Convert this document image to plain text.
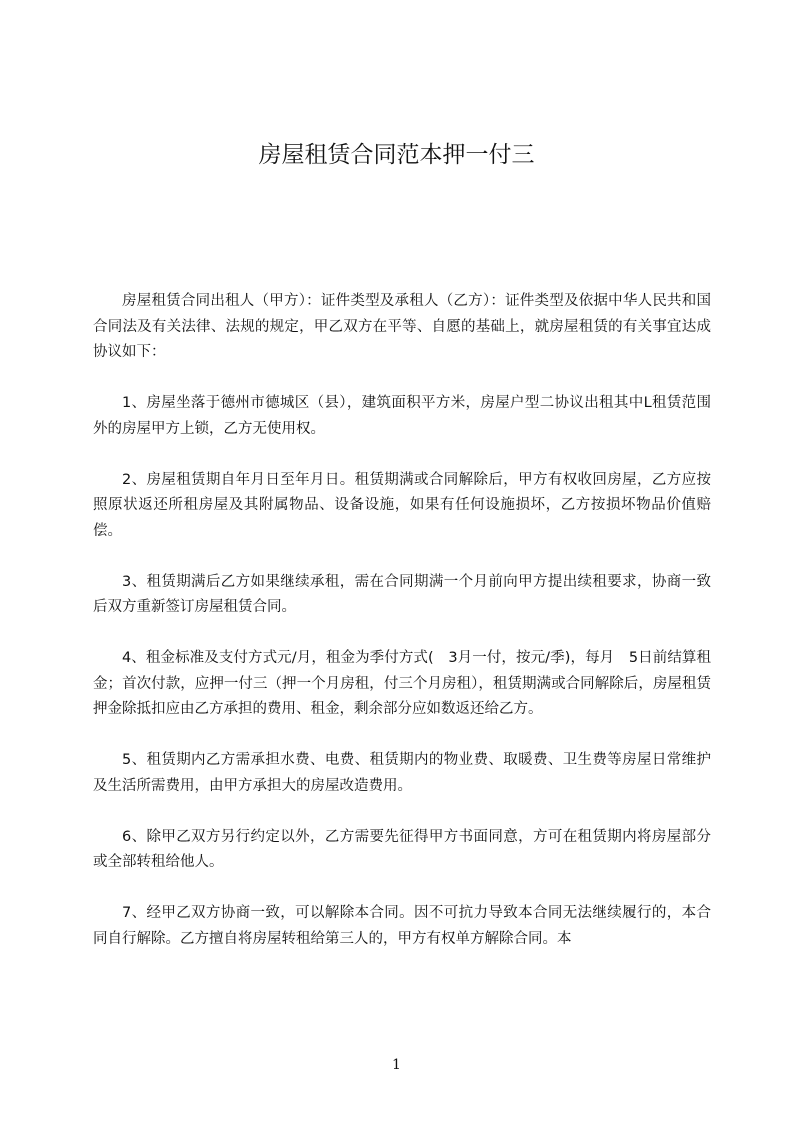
房屋租赁合同范本押一付三

房屋租赁合同出租人（甲方）：证件类型及承租人（乙方）：证件类型及依据中华人民共和国合同法及有关法律、法规的规定，甲乙双方在平等、自愿的基础上，就房屋租赁的有关事宜达成协议如下：

1、房屋坐落于德州市德城区（县），建筑面积平方米，房屋户型二协议出租其中L租赁范围外的房屋甲方上锁，乙方无使用权。

2、房屋租赁期自年月日至年月日。租赁期满或合同解除后，甲方有权收回房屋，乙方应按照原状返还所租房屋及其附属物品、设备设施，如果有任何设施损坏，乙方按损坏物品价值赔偿。

3、租赁期满后乙方如果继续承租，需在合同期满一个月前向甲方提出续租要求，协商一致后双方重新签订房屋租赁合同。

4、租金标准及支付方式元/月，租金为季付方式(　3月一付，按元/季)，每月　5日前结算租金；首次付款，应押一付三（押一个月房租，付三个月房租），租赁期满或合同解除后，房屋租赁押金除抵扣应由乙方承担的费用、租金，剩余部分应如数返还给乙方。

5、租赁期内乙方需承担水费、电费、租赁期内的物业费、取暖费、卫生费等房屋日常维护及生活所需费用，由甲方承担大的房屋改造费用。

6、除甲乙双方另行约定以外，乙方需要先征得甲方书面同意，方可在租赁期内将房屋部分或全部转租给他人。

7、经甲乙双方协商一致，可以解除本合同。因不可抗力导致本合同无法继续履行的，本合同自行解除。乙方擅自将房屋转租给第三人的，甲方有权单方解除合同。本

1
